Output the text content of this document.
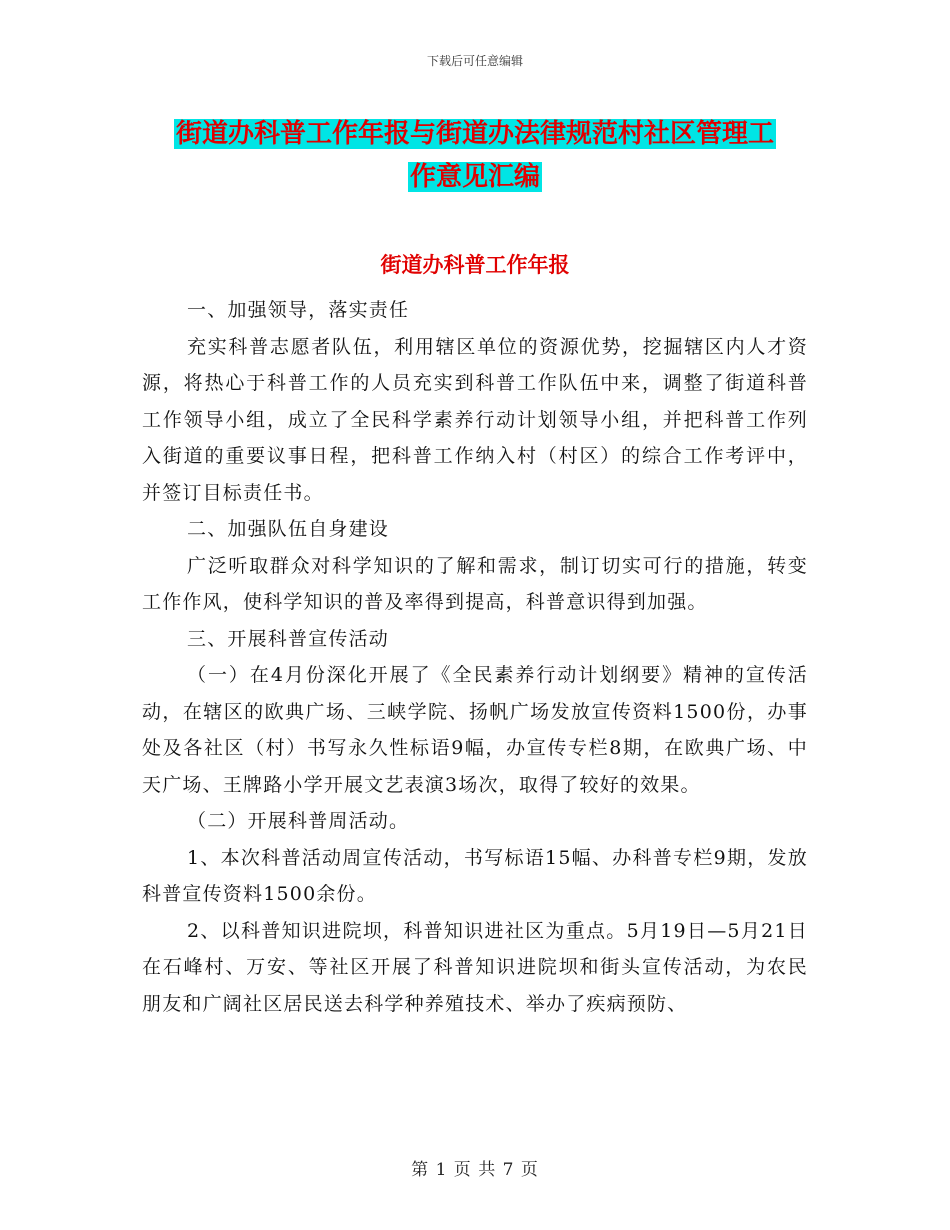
下载后可任意编辑
街道办科普工作年报与街道办法律规范村社区管理工
作意见汇编
街道办科普工作年报

一、加强领导，落实责任

充实科普志愿者队伍，利用辖区单位的资源优势，挖掘辖区内人才资源，将热心于科普工作的人员充实到科普工作队伍中来，调整了街道科普工作领导小组，成立了全民科学素养行动计划领导小组，并把科普工作列入街道的重要议事日程，把科普工作纳入村（村区）的综合工作考评中，并签订目标责任书。

二、加强队伍自身建设

广泛听取群众对科学知识的了解和需求，制订切实可行的措施，转变工作作风，使科学知识的普及率得到提高，科普意识得到加强。

三、开展科普宣传活动

（一）在4月份深化开展了《全民素养行动计划纲要》精神的宣传活动，在辖区的欧典广场、三峡学院、扬帆广场发放宣传资料1500份，办事处及各社区（村）书写永久性标语9幅，办宣传专栏8期，在欧典广场、中天广场、王牌路小学开展文艺表演3场次，取得了较好的效果。

（二）开展科普周活动。

1、本次科普活动周宣传活动，书写标语15幅、办科普专栏9期，发放科普宣传资料1500余份。

2、以科普知识进院坝，科普知识进社区为重点。5月19日—5月21日在石峰村、万安、等社区开展了科普知识进院坝和街头宣传活动，为农民朋友和广阔社区居民送去科学种养殖技术、举办了疾病预防、

第 1 页 共 7 页
